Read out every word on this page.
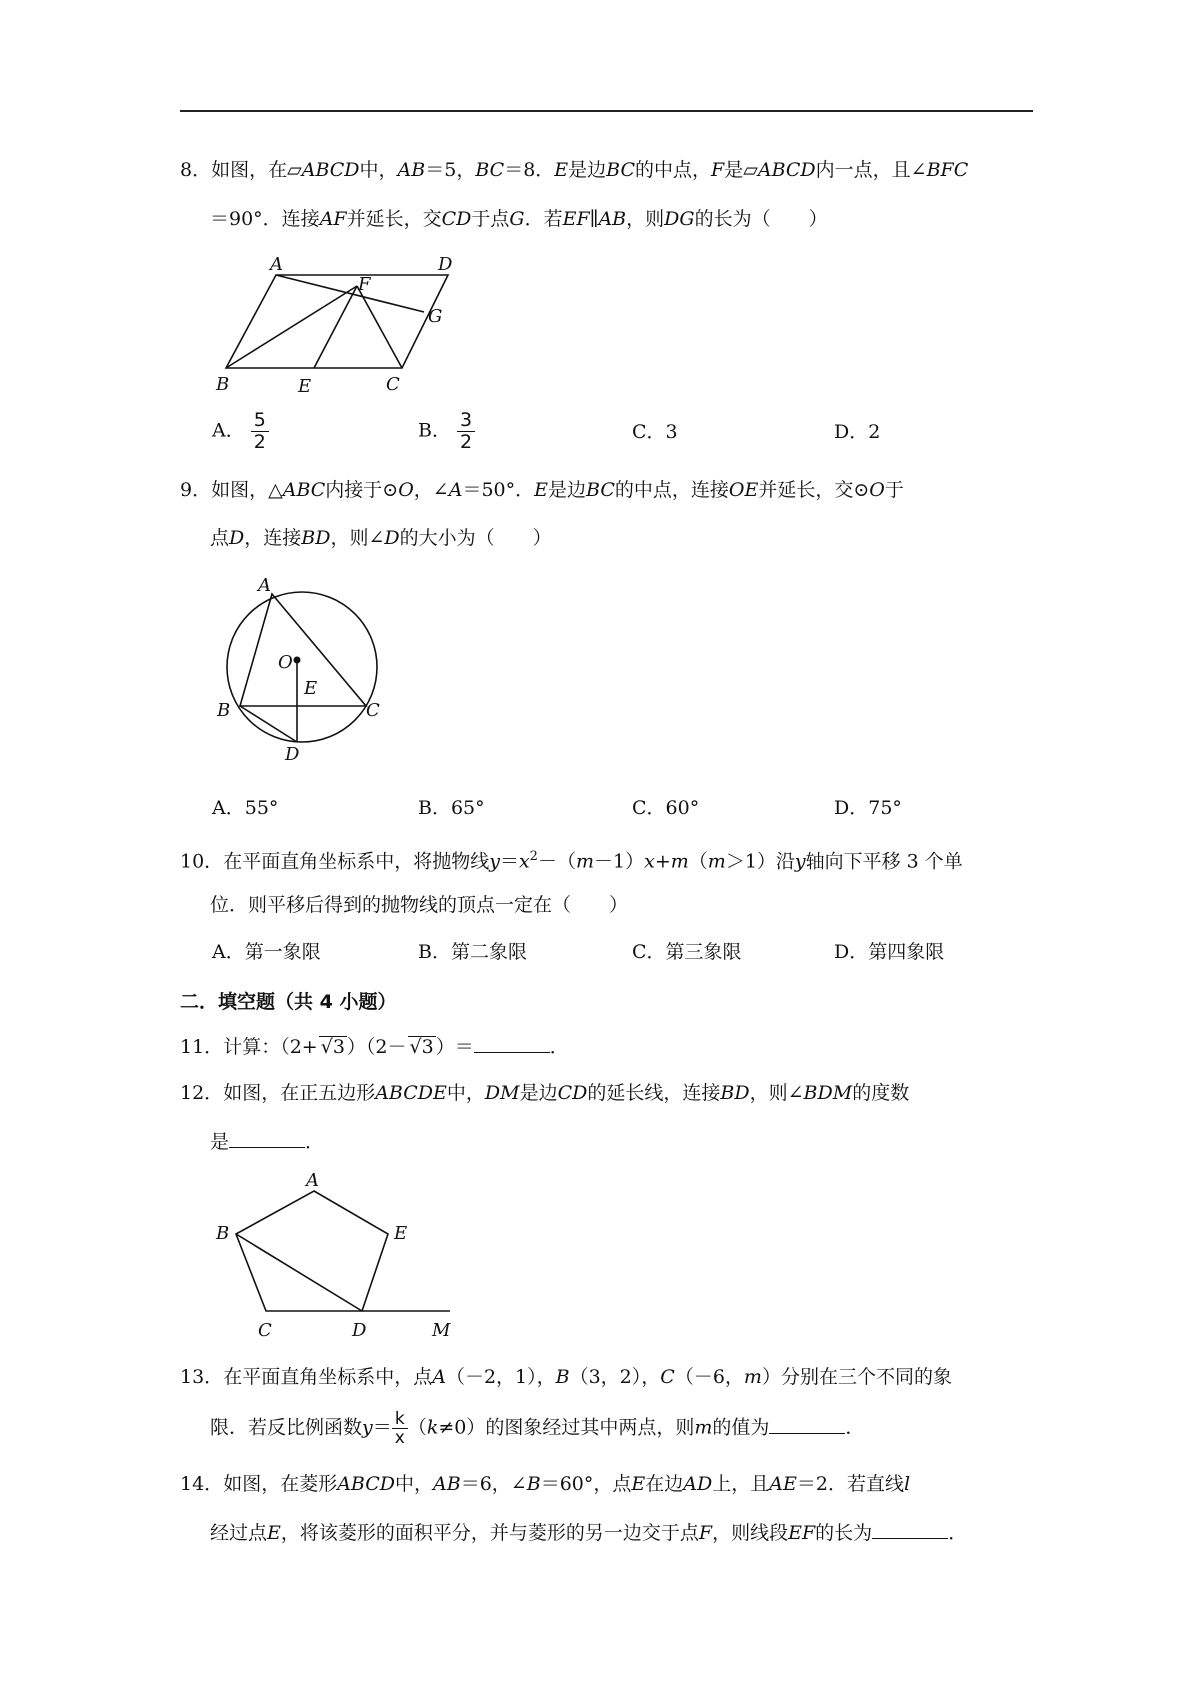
8．如图，在▱ABCD中，AB＝5，BC＝8．E是边BC的中点，F是▱ABCD内一点，且∠BFC
＝90°．连接AF并延长，交CD于点G．若EF∥AB，则DG的长为（　　）
A	D
F
G
B	E	C
A． $\frac{5}{2}$	B． $\frac{3}{2}$	C．3	D．2
9．如图，△ABC内接于⊙O，∠A＝50°．E是边BC的中点，连接OE并延长，交⊙O于
点D，连接BD，则∠D的大小为（　　）
A
O
E
B	C
D
A．55°	B．65°	C．60°	D．75°
10．在平面直角坐标系中，将抛物线$y=x^2-(m-1)x+m(m>1)$沿y轴向下平移 3 个单
位．则平移后得到的抛物线的顶点一定在（　　）
A．第一象限	B．第二象限	C．第三象限	D．第四象限
二．填空题（共 4 小题）
11．计算：（2+ √3 ）（2－ √3 ）＝	．
12．如图，在正五边形ABCDE中，DM是边CD的延长线，连接BD，则∠BDM的度数
是	．
A
B	E
C	D	M
13．在平面直角坐标系中，点A（－2，1），B（3，2），C（－6，m）分别在三个不同的象
限．若反比例函数$y= \frac{k}{x} (k\ne 0)$的图象经过其中两点，则m的值为	．
14．如图，在菱形ABCD中，AB＝6，∠B＝60°，点E在边AD上，且AE＝2．若直线l
经过点E，将该菱形的面积平分，并与菱形的另一边交于点F，则线段EF的长为	．
